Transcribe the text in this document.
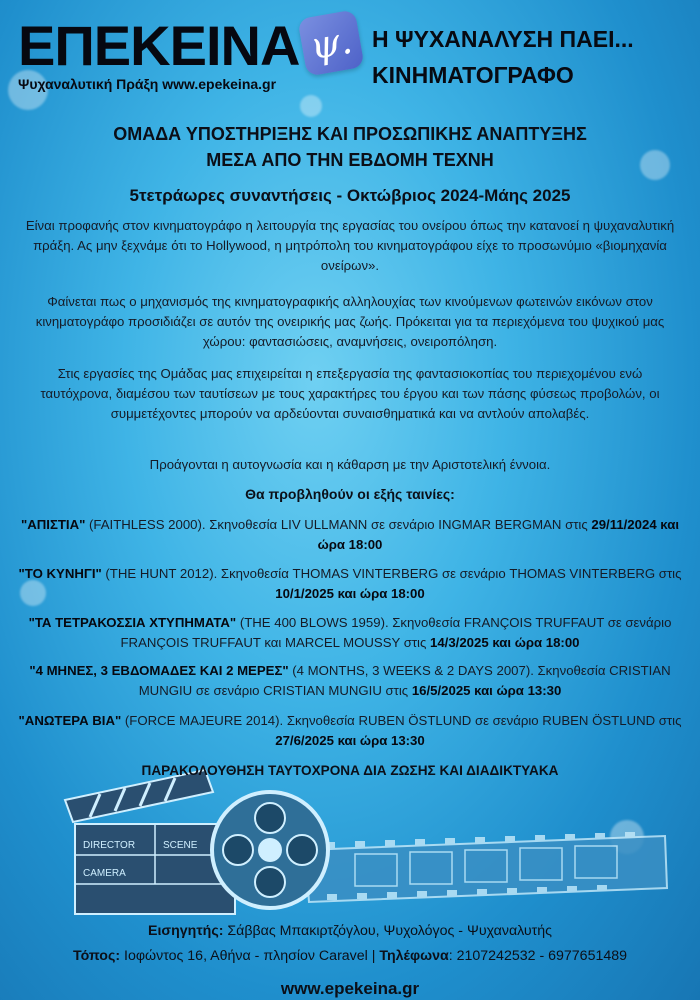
ΕΠΕΚΕΙΝΑ ψ.
Ψυχαναλυτική Πράξη www.epekeina.gr
Η ΨΥΧΑΝΑΛΥΣΗ ΠΑΕΙ...
ΚΙΝΗΜΑΤΟΓΡΑΦΟ
ΟΜΑΔΑ ΥΠΟΣΤΗΡΙΞΗΣ ΚΑΙ ΠΡΟΣΩΠΙΚΗΣ ΑΝΑΠΤΥΞΗΣ
ΜΕΣΑ ΑΠΟ ΤΗΝ ΕΒΔΟΜΗ ΤΕΧΝΗ
5τετράωρες συναντήσεις - Οκτώβριος 2024-Μάης 2025
Είναι προφανής στον κινηματογράφο η λειτουργία της εργασίας του ονείρου όπως την κατανοεί η ψυχαναλυτική πράξη. Ας μην ξεχνάμε ότι το Hollywood, η μητρόπολη του κινηματογράφου είχε το προσωνύμιο «βιομηχανία ονείρων».
Φαίνεται πως ο μηχανισμός της κινηματογραφικής αλληλουχίας των κινούμενων φωτεινών εικόνων στον κινηματογράφο προσιδιάζει σε αυτόν της ονειρικής μας ζωής. Πρόκειται για τα περιεχόμενα του ψυχικού μας χώρου: φαντασιώσεις, αναμνήσεις, ονειροπόληση.
Στις εργασίες της Ομάδας μας επιχειρείται η επεξεργασία της φαντασιοκοπίας του περιεχομένου ενώ ταυτόχρονα, διαμέσου των ταυτίσεων με τους χαρακτήρες του έργου και των πάσης φύσεως προβολών, οι συμμετέχοντες μπορούν να αρδεύονται συναισθηματικά και να αντλούν απολαβές.
Προάγονται η αυτογνωσία και η κάθαρση με την Αριστοτελική έννοια.
Θα προβληθούν οι εξής ταινίες:
"ΑΠΙΣΤΙΑ" (FAITHLESS 2000). Σκηνοθεσία LIV ULLMANN σε σενάριο INGMAR BERGMAN στις 29/11/2024 και ώρα 18:00
"ΤΟ ΚΥΝΗΓΙ" (THE HUNT 2012). Σκηνοθεσία THOMAS VINTERBERG σε σενάριο THOMAS VINTERBERG στις 10/1/2025 και ώρα 18:00
"ΤΑ ΤΕΤΡΑΚΟΣΣΙΑ ΧΤΥΠΗΜΑΤΑ" (THE 400 BLOWS 1959). Σκηνοθεσία FRANÇOIS TRUFFAUT σε σενάριο FRANÇOIS TRUFFAUT και MARCEL MOUSSY στις 14/3/2025 και ώρα 18:00
"4 ΜΗΝΕΣ, 3 ΕΒΔΟΜΑΔΕΣ ΚΑΙ 2 ΜΕΡΕΣ" (4 MONTHS, 3 WEEKS & 2 DAYS 2007). Σκηνοθεσία CRISTIAN MUNGIU σε σενάριο CRISTIAN MUNGIU στις 16/5/2025 και ώρα 13:30
"ΑΝΩΤΕΡΑ ΒΙΑ" (FORCE MAJEURE 2014). Σκηνοθεσία RUBEN ÖSTLUND σε σενάριο RUBEN ÖSTLUND στις 27/6/2025 και ώρα 13:30
DIRECTOR	SCENE
CAMERA
ΠΑΡΑΚΟΛΟΥΘΗΣΗ ΤΑΥΤΟΧΡΟΝΑ ΔΙΑ ΖΩΣΗΣ ΚΑΙ ΔΙΑΔΙΚΤΥΑΚΑ
Εισηγητής: Σάββας Μπακιρτζόγλου, Ψυχολόγος - Ψυχαναλυτής
Τόπος: Ιοφώντος 16, Αθήνα - πλησίον Caravel | Τηλέφωνα: 2107242532 - 6977651489
www.epekeina.gr
